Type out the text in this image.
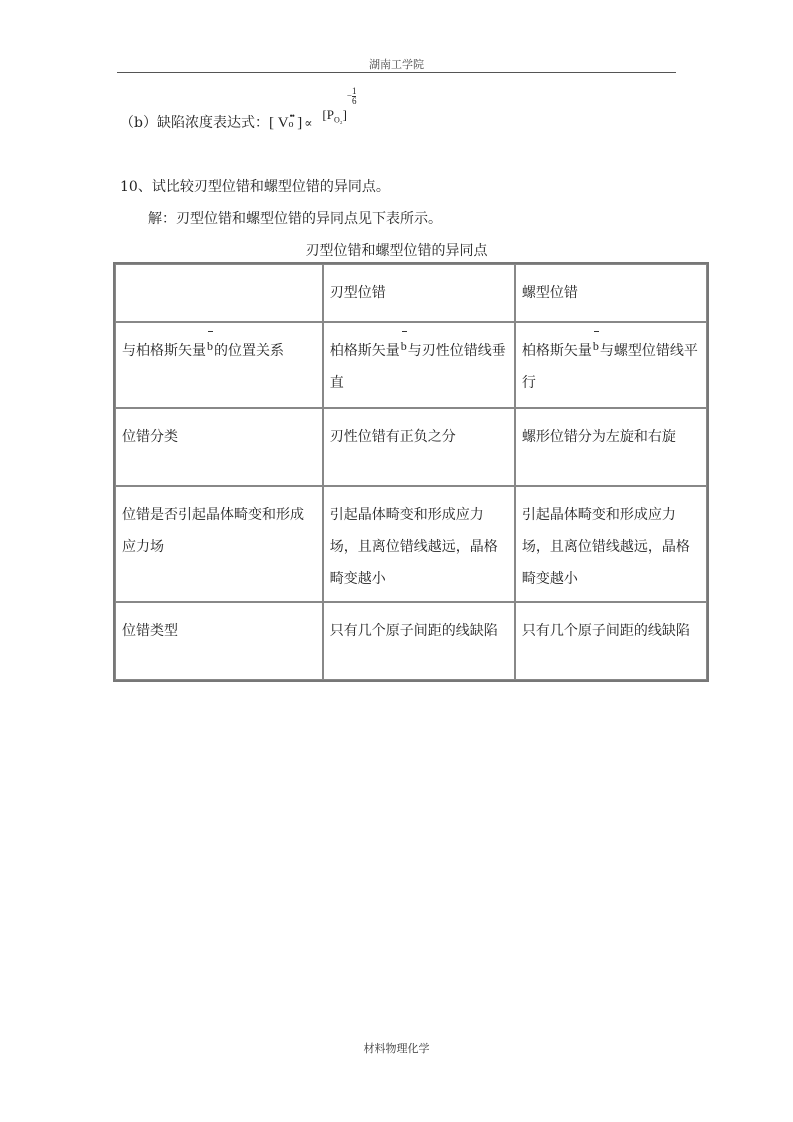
湖南工学院
（b）缺陷浓度表达式：[ V ••
o ] $\propto[P_{O_2}]$
− $\frac{1}{6}$
10、试比较刃型位错和螺型位错的异同点。
解：刃型位错和螺型位错的异同点见下表所示。
刃型位错和螺型位错的异同点
	刃型位错	螺型位错
与柏格斯矢量b的位置关系	柏格斯矢量b与刃性位错线垂直	柏格斯矢量b与螺型位错线平行
位错分类	刃性位错有正负之分	螺形位错分为左旋和右旋
位错是否引起晶体畸变和形成应力场	引起晶体畸变和形成应力场，且离位错线越远，晶格畸变越小	引起晶体畸变和形成应力场，且离位错线越远，晶格畸变越小
位错类型	只有几个原子间距的线缺陷	只有几个原子间距的线缺陷
材料物理化学
